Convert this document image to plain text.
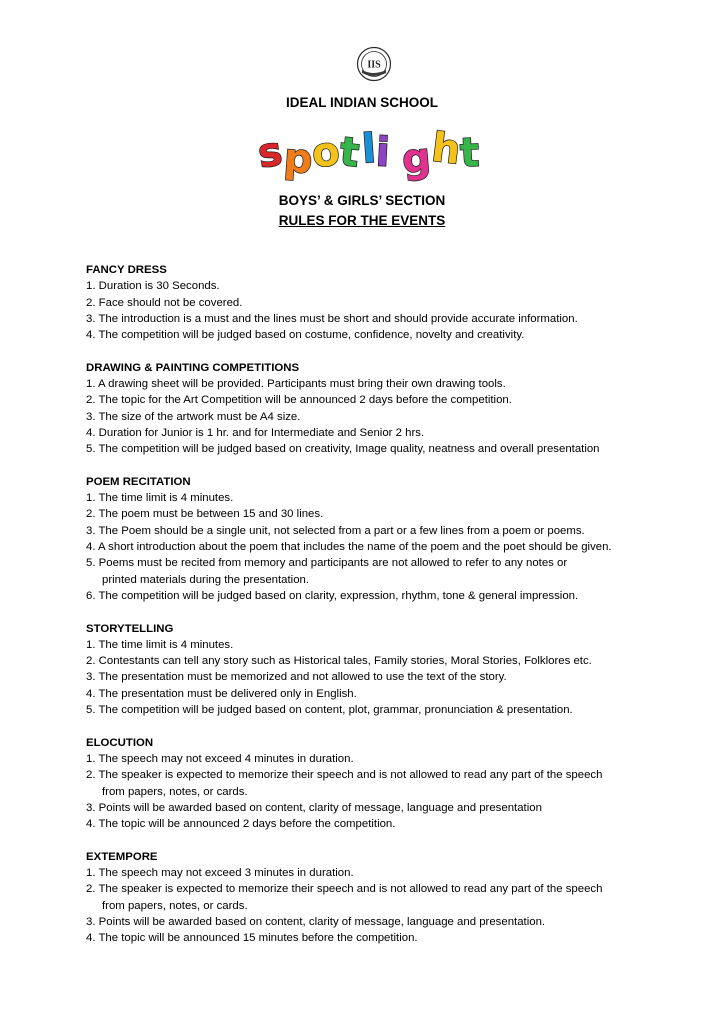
IIS
IDEAL INDIAN SCHOOL
s
p
o
t l
i g
h
t
BOYS’ & GIRLS’ SECTION
RULES FOR THE EVENTS
FANCY DRESS
1. Duration is 30 Seconds.
2. Face should not be covered.
3. The introduction is a must and the lines must be short and should provide accurate information.
4. The competition will be judged based on costume, confidence, novelty and creativity.
DRAWING & PAINTING COMPETITIONS
1. A drawing sheet will be provided. Participants must bring their own drawing tools.
2. The topic for the Art Competition will be announced 2 days before the competition.
3. The size of the artwork must be A4 size.
4. Duration for Junior is 1 hr. and for Intermediate and Senior 2 hrs.
5. The competition will be judged based on creativity, Image quality, neatness and overall presentation
POEM RECITATION
1. The time limit is 4 minutes.
2. The poem must be between 15 and 30 lines.
3. The Poem should be a single unit, not selected from a part or a few lines from a poem or poems.
4. A short introduction about the poem that includes the name of the poem and the poet should be given.
5. Poems must be recited from memory and participants are not allowed to refer to any notes or
printed materials during the presentation.
6. The competition will be judged based on clarity, expression, rhythm, tone & general impression.
STORYTELLING
1. The time limit is 4 minutes.
2. Contestants can tell any story such as Historical tales, Family stories, Moral Stories, Folklores etc.
3. The presentation must be memorized and not allowed to use the text of the story.
4. The presentation must be delivered only in English.
5. The competition will be judged based on content, plot, grammar, pronunciation & presentation.
ELOCUTION
1. The speech may not exceed 4 minutes in duration.
2. The speaker is expected to memorize their speech and is not allowed to read any part of the speech
from papers, notes, or cards.
3. Points will be awarded based on content, clarity of message, language and presentation
4. The topic will be announced 2 days before the competition.
EXTEMPORE
1. The speech may not exceed 3 minutes in duration.
2. The speaker is expected to memorize their speech and is not allowed to read any part of the speech
from papers, notes, or cards.
3. Points will be awarded based on content, clarity of message, language and presentation.
4. The topic will be announced 15 minutes before the competition.
